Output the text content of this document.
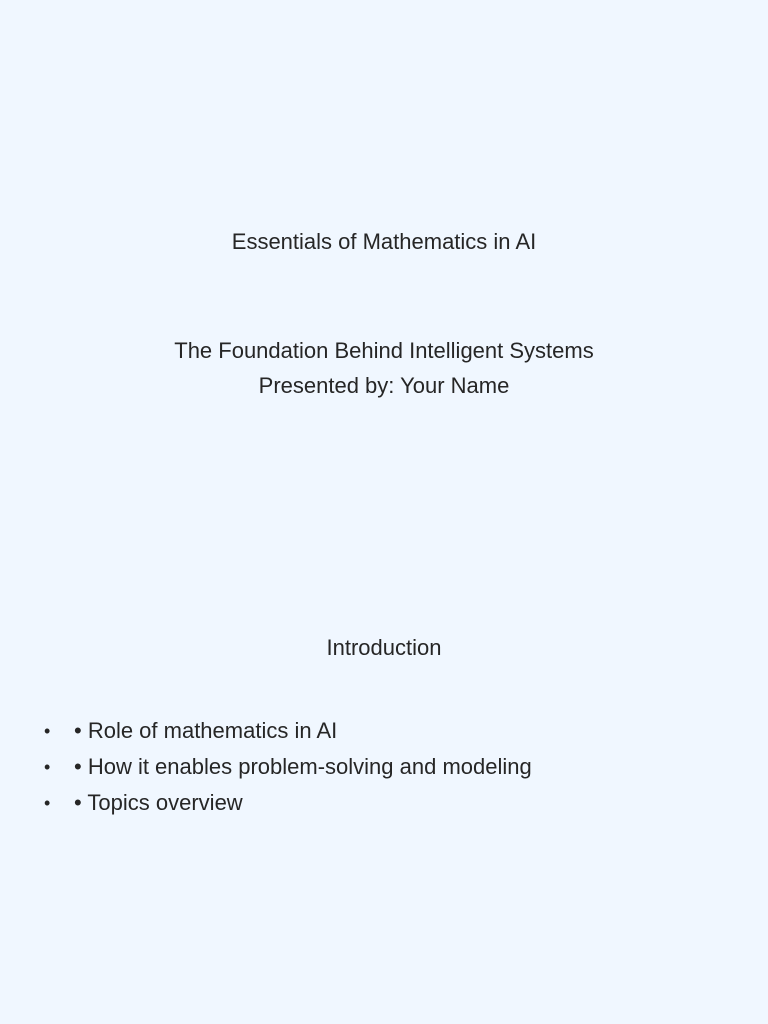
Essentials of Mathematics in AI
The Foundation Behind Intelligent Systems
Presented by: Your Name
Introduction
• • Role of mathematics in AI
• • How it enables problem-solving and modeling
• • Topics overview
